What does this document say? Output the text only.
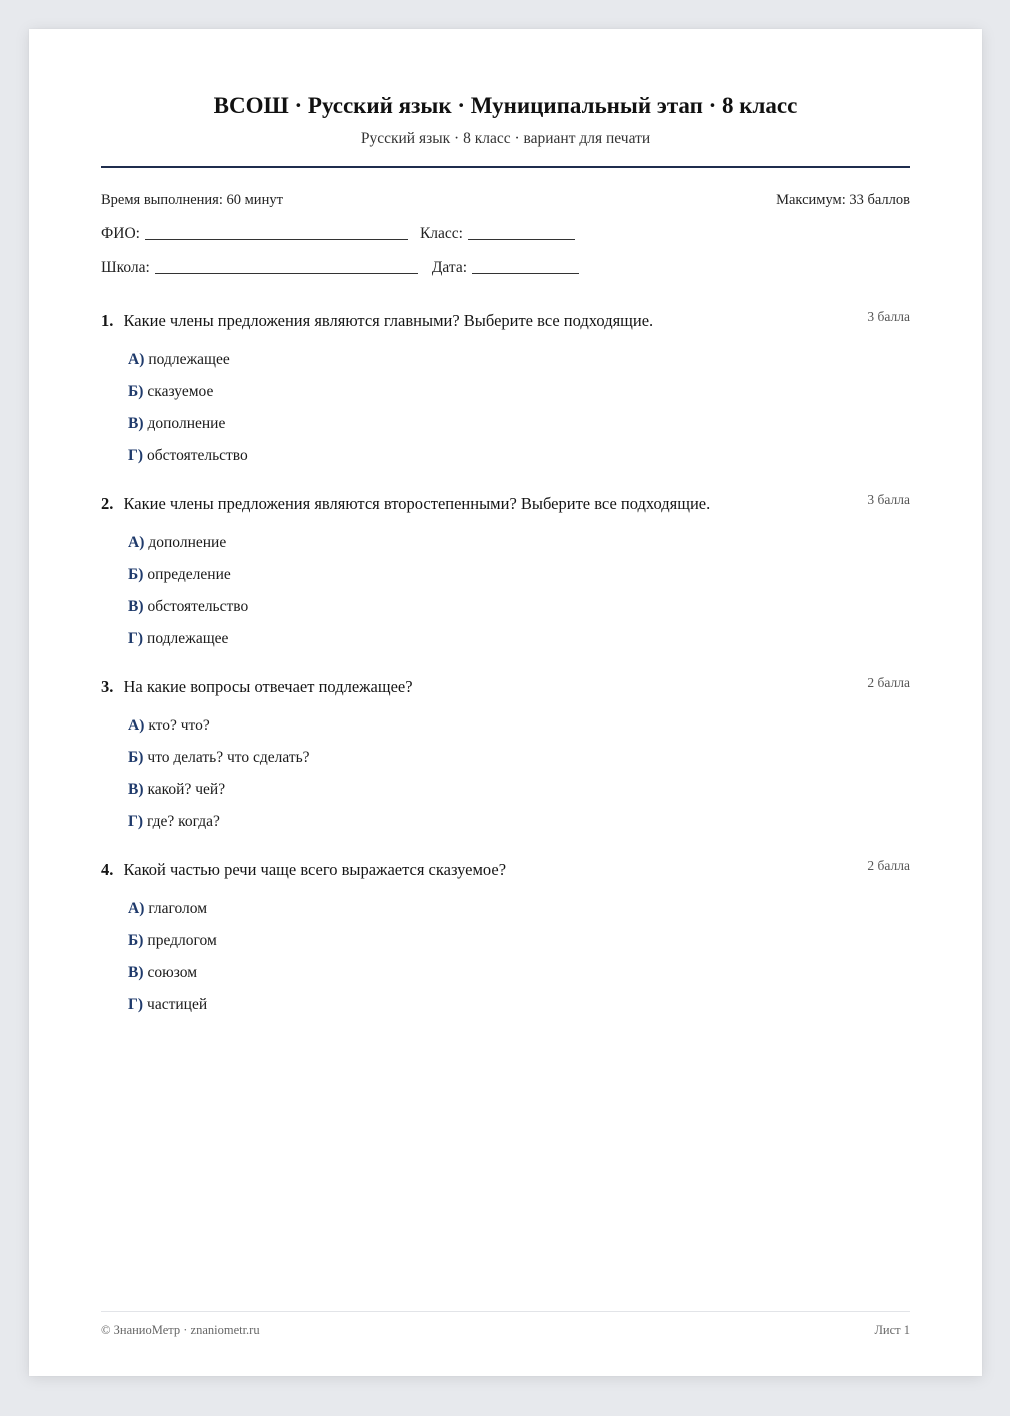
ВСОШ · Русский язык · Муниципальный этап · 8 класс
Русский язык · 8 класс · вариант для печати
Время выполнения: 60 минут	Максимум: 33 баллов
ФИО:	Класс:
Школа:	Дата:
1. Какие члены предложения являются главными? Выберите все подходящие.	3 балла
А) подлежащее
Б) сказуемое
В) дополнение
Г) обстоятельство
2. Какие члены предложения являются второстепенными? Выберите все подходящие.	3 балла
А) дополнение
Б) определение
В) обстоятельство
Г) подлежащее
3. На какие вопросы отвечает подлежащее?	2 балла
А) кто? что?
Б) что делать? что сделать?
В) какой? чей?
Г) где? когда?
4. Какой частью речи чаще всего выражается сказуемое?	2 балла
А) глаголом
Б) предлогом
В) союзом
Г) частицей
© ЗнаниоМетр · znaniometr.ru	Лист 1
